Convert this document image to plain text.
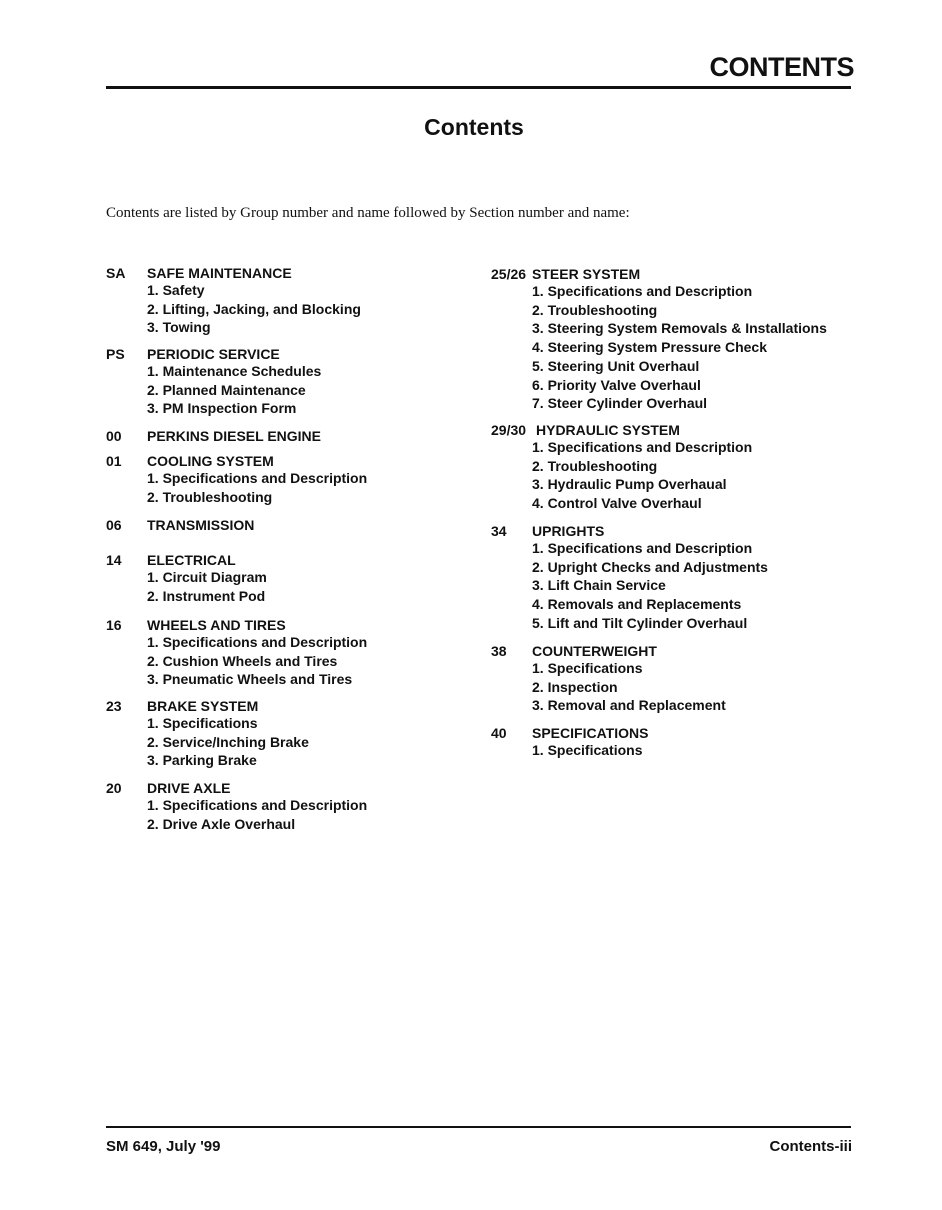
CONTENTS
Contents
Contents are listed by Group number and name followed by Section number and name:
SA SAFE MAINTENANCE
1. Safety
2. Lifting, Jacking, and Blocking
3. Towing
PS PERIODIC SERVICE
1. Maintenance Schedules
2. Planned Maintenance
3. PM Inspection Form
00 PERKINS DIESEL ENGINE
01 COOLING SYSTEM
1. Specifications and Description
2. Troubleshooting
06 TRANSMISSION
14 ELECTRICAL
1. Circuit Diagram
2. Instrument Pod
16 WHEELS AND TIRES
1. Specifications and Description
2. Cushion Wheels and Tires
3. Pneumatic Wheels and Tires
23 BRAKE SYSTEM
1. Specifications
2. Service/Inching Brake
3. Parking Brake
20 DRIVE AXLE
1. Specifications and Description
2. Drive Axle Overhaul
25/26 STEER SYSTEM
1. Specifications and Description
2. Troubleshooting
3. Steering System Removals & Installations
4. Steering System Pressure Check
5. Steering Unit Overhaul
6. Priority Valve Overhaul
7. Steer Cylinder Overhaul
29/30 HYDRAULIC SYSTEM
1. Specifications and Description
2. Troubleshooting
3. Hydraulic Pump Overhaual
4. Control Valve Overhaul
34 UPRIGHTS
1. Specifications and Description
2. Upright Checks and Adjustments
3. Lift Chain Service
4. Removals and Replacements
5. Lift and Tilt Cylinder Overhaul
38 COUNTERWEIGHT
1. Specifications
2. Inspection
3. Removal and Replacement
40 SPECIFICATIONS
1. Specifications
SM 649, July '99	Contents-iii
